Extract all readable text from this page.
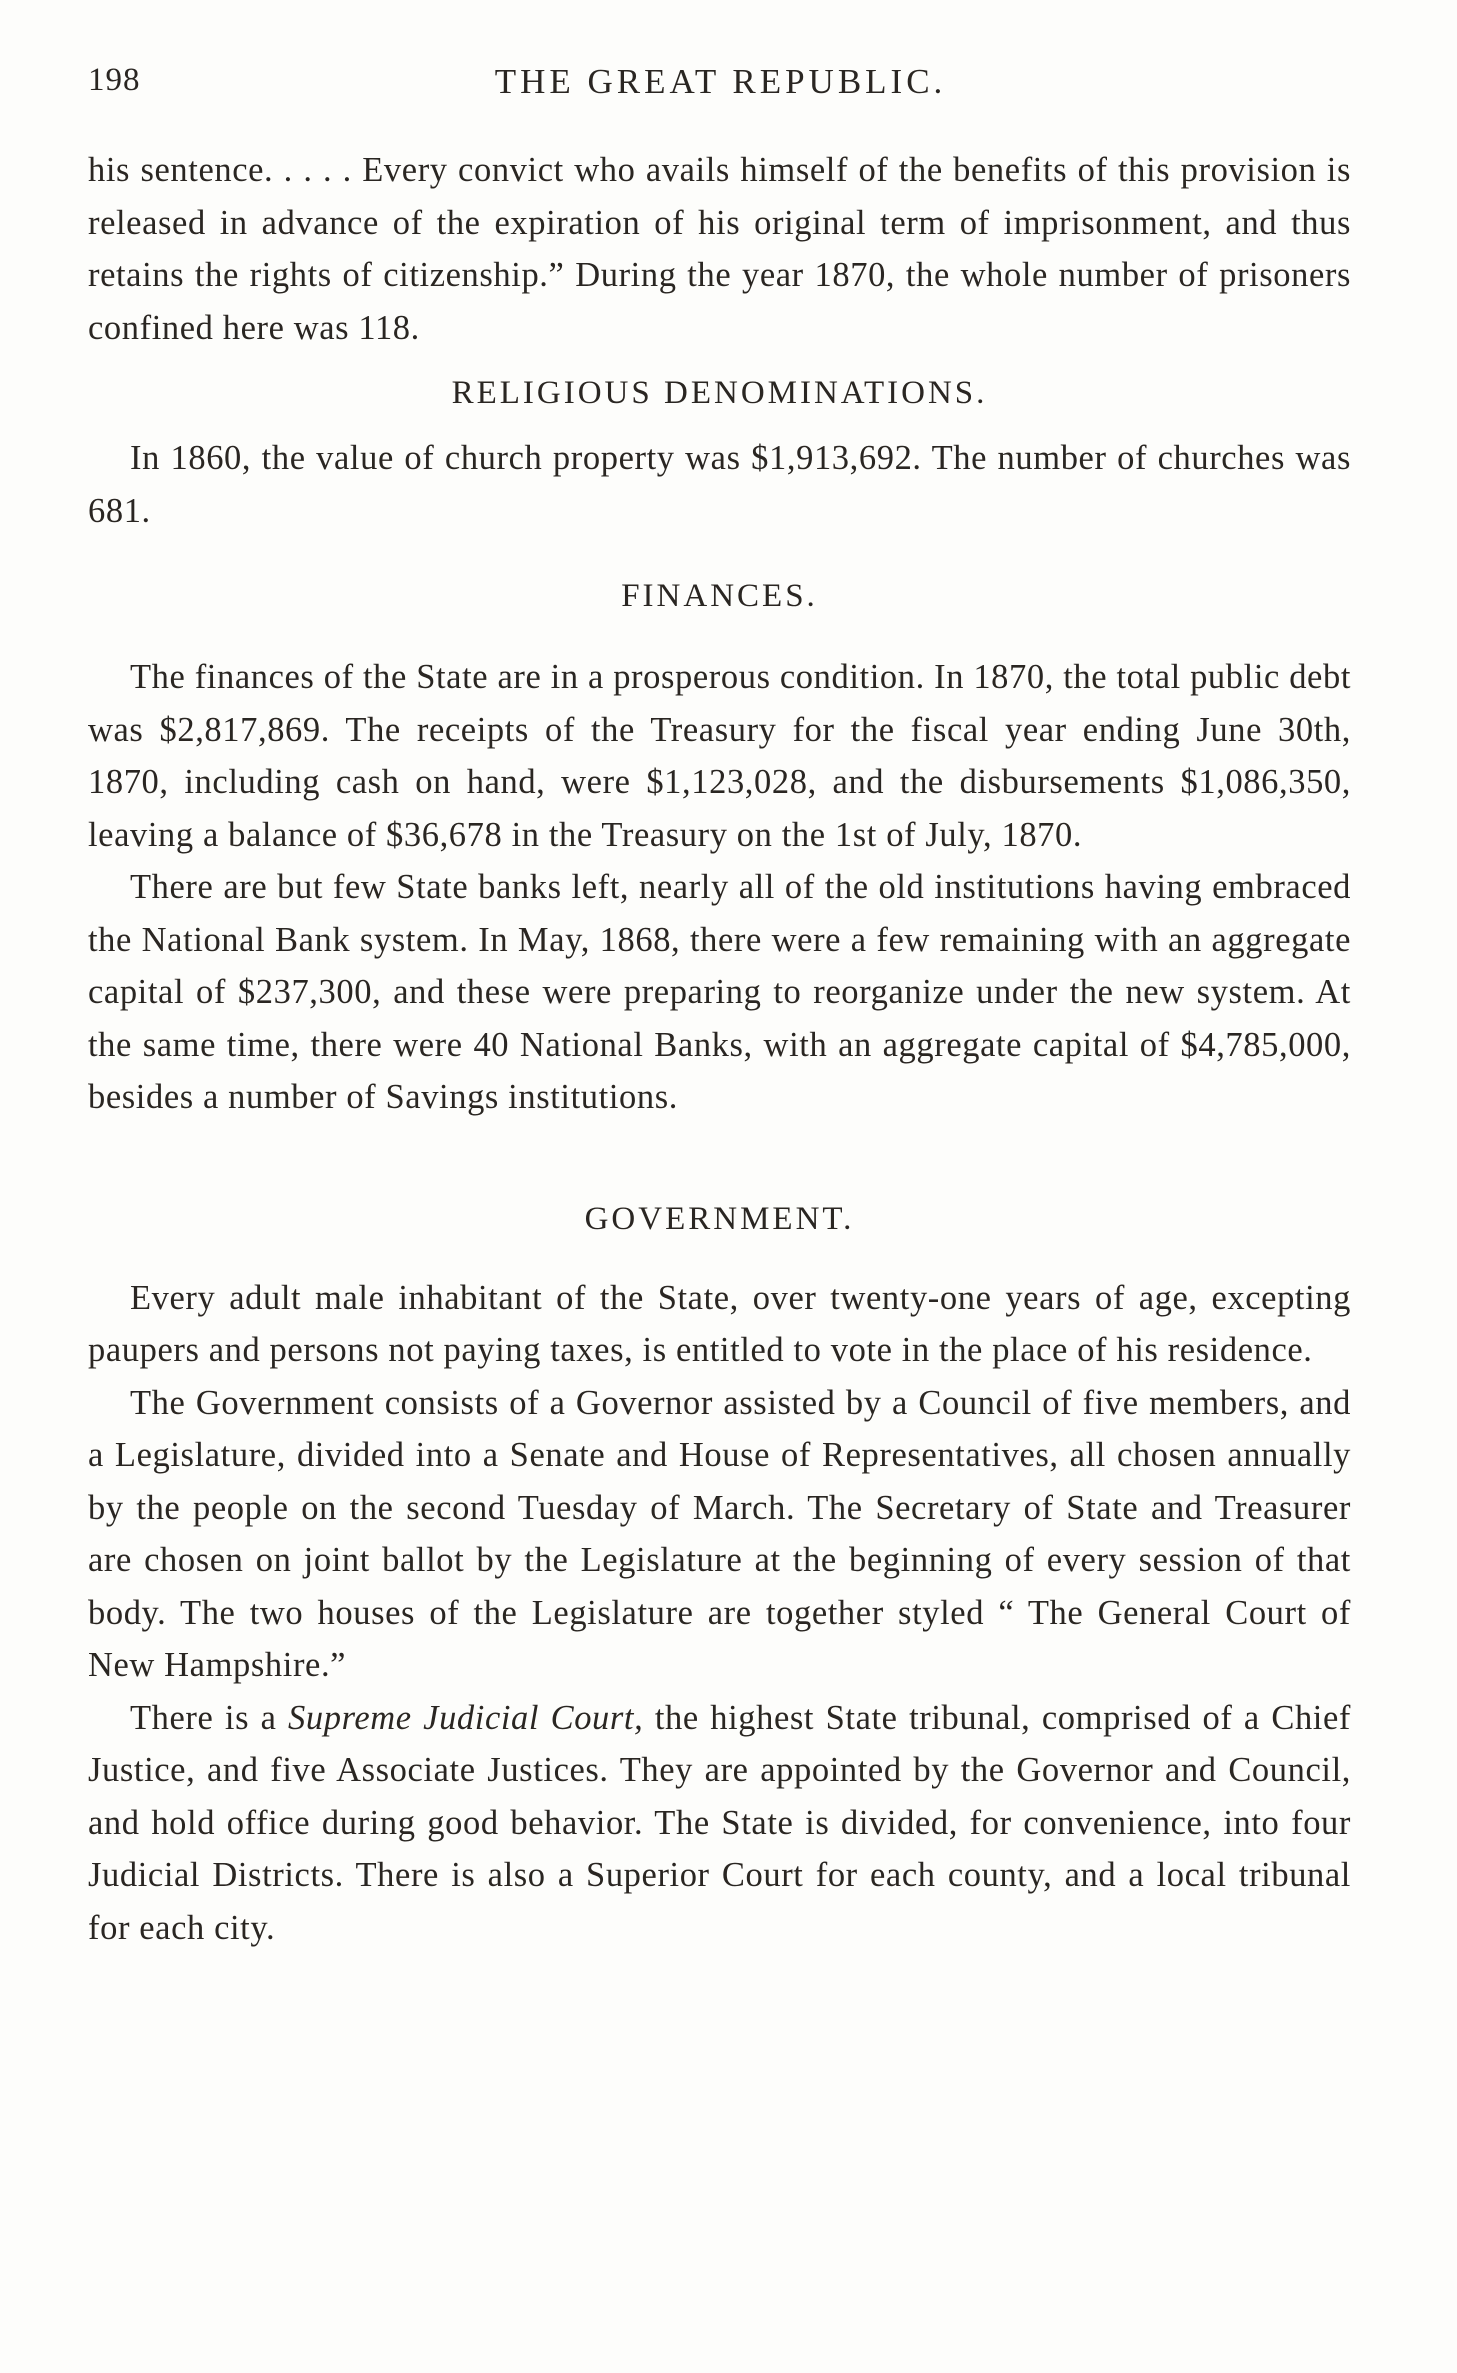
198	THE GREAT REPUBLIC.

his sentence. . . . . Every convict who avails himself of the benefits of this provision is released in advance of the expiration of his original term of imprisonment, and thus retains the rights of citizenship.” During the year 1870, the whole number of prisoners confined here was 118.

RELIGIOUS DENOMINATIONS.

In 1860, the value of church property was $1,913,692. The number of churches was 681.

FINANCES.

The finances of the State are in a prosperous condition. In 1870, the total public debt was $2,817,869. The receipts of the Treasury for the fiscal year ending June 30th, 1870, including cash on hand, were $1,123,028, and the disbursements $1,086,350, leaving a balance of $36,678 in the Treasury on the 1st of July, 1870.

There are but few State banks left, nearly all of the old institutions having embraced the National Bank system. In May, 1868, there were a few remaining with an aggregate capital of $237,300, and these were preparing to reorganize under the new system. At the same time, there were 40 National Banks, with an aggregate capital of $4,785,000, besides a number of Savings institutions.

GOVERNMENT.

Every adult male inhabitant of the State, over twenty-one years of age, excepting paupers and persons not paying taxes, is entitled to vote in the place of his residence.

The Government consists of a Governor assisted by a Council of five members, and a Legislature, divided into a Senate and House of Representatives, all chosen annually by the people on the second Tuesday of March. The Secretary of State and Treasurer are chosen on joint ballot by the Legislature at the beginning of every session of that body. The two houses of the Legislature are together styled “ The General Court of New Hampshire.”

There is a Supreme Judicial Court, the highest State tribunal, comprised of a Chief Justice, and five Associate Justices. They are appointed by the Governor and Council, and hold office during good behavior. The State is divided, for convenience, into four Judicial Districts. There is also a Superior Court for each county, and a local tribunal for each city.
